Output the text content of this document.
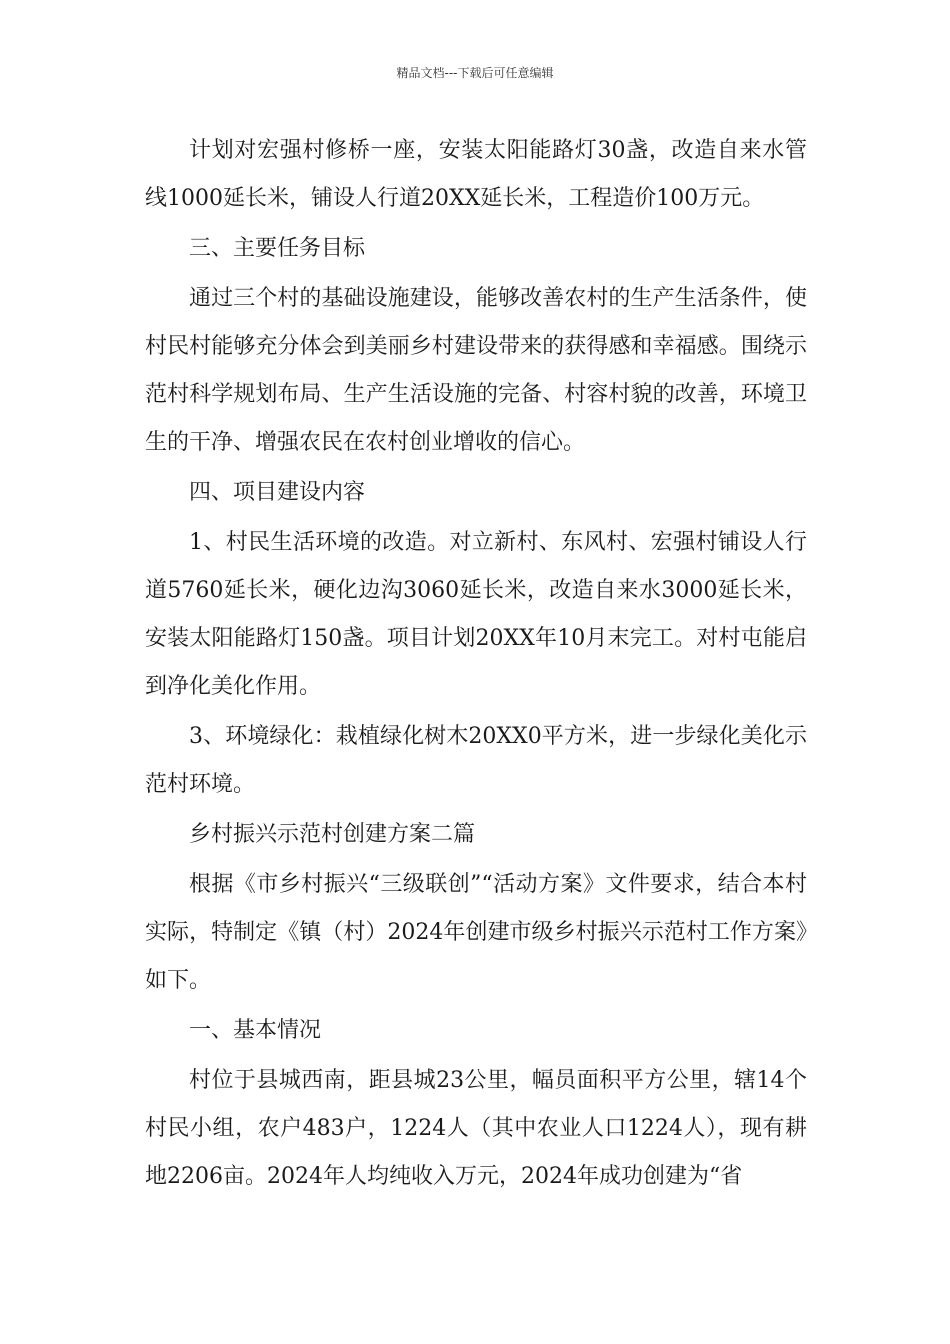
精品文档---下载后可任意编辑

计划对宏强村修桥一座，安装太阳能路灯30盏，改造自来水管线1000延长米，铺设人行道20XX延长米，工程造价100万元。

三、主要任务目标

通过三个村的基础设施建设，能够改善农村的生产生活条件，使村民村能够充分体会到美丽乡村建设带来的获得感和幸福感。围绕示范村科学规划布局、生产生活设施的完备、村容村貌的改善，环境卫生的干净、增强农民在农村创业增收的信心。

四、项目建设内容

1、村民生活环境的改造。对立新村、东风村、宏强村铺设人行道5760延长米，硬化边沟3060延长米，改造自来水3000延长米，安装太阳能路灯150盏。项目计划20XX年10月末完工。对村屯能启到净化美化作用。

3、环境绿化：栽植绿化树木20XX0平方米，进一步绿化美化示范村环境。

乡村振兴示范村创建方案二篇

根据《市乡村振兴“三级联创”“活动方案》文件要求，结合本村实际，特制定《镇（村）2024年创建市级乡村振兴示范村工作方案》如下。

一、基本情况

村位于县城西南，距县城23公里，幅员面积平方公里，辖14个村民小组，农户483户，1224人（其中农业人口1224人），现有耕地2206亩。2024年人均纯收入万元，2024年成功创建为“省
